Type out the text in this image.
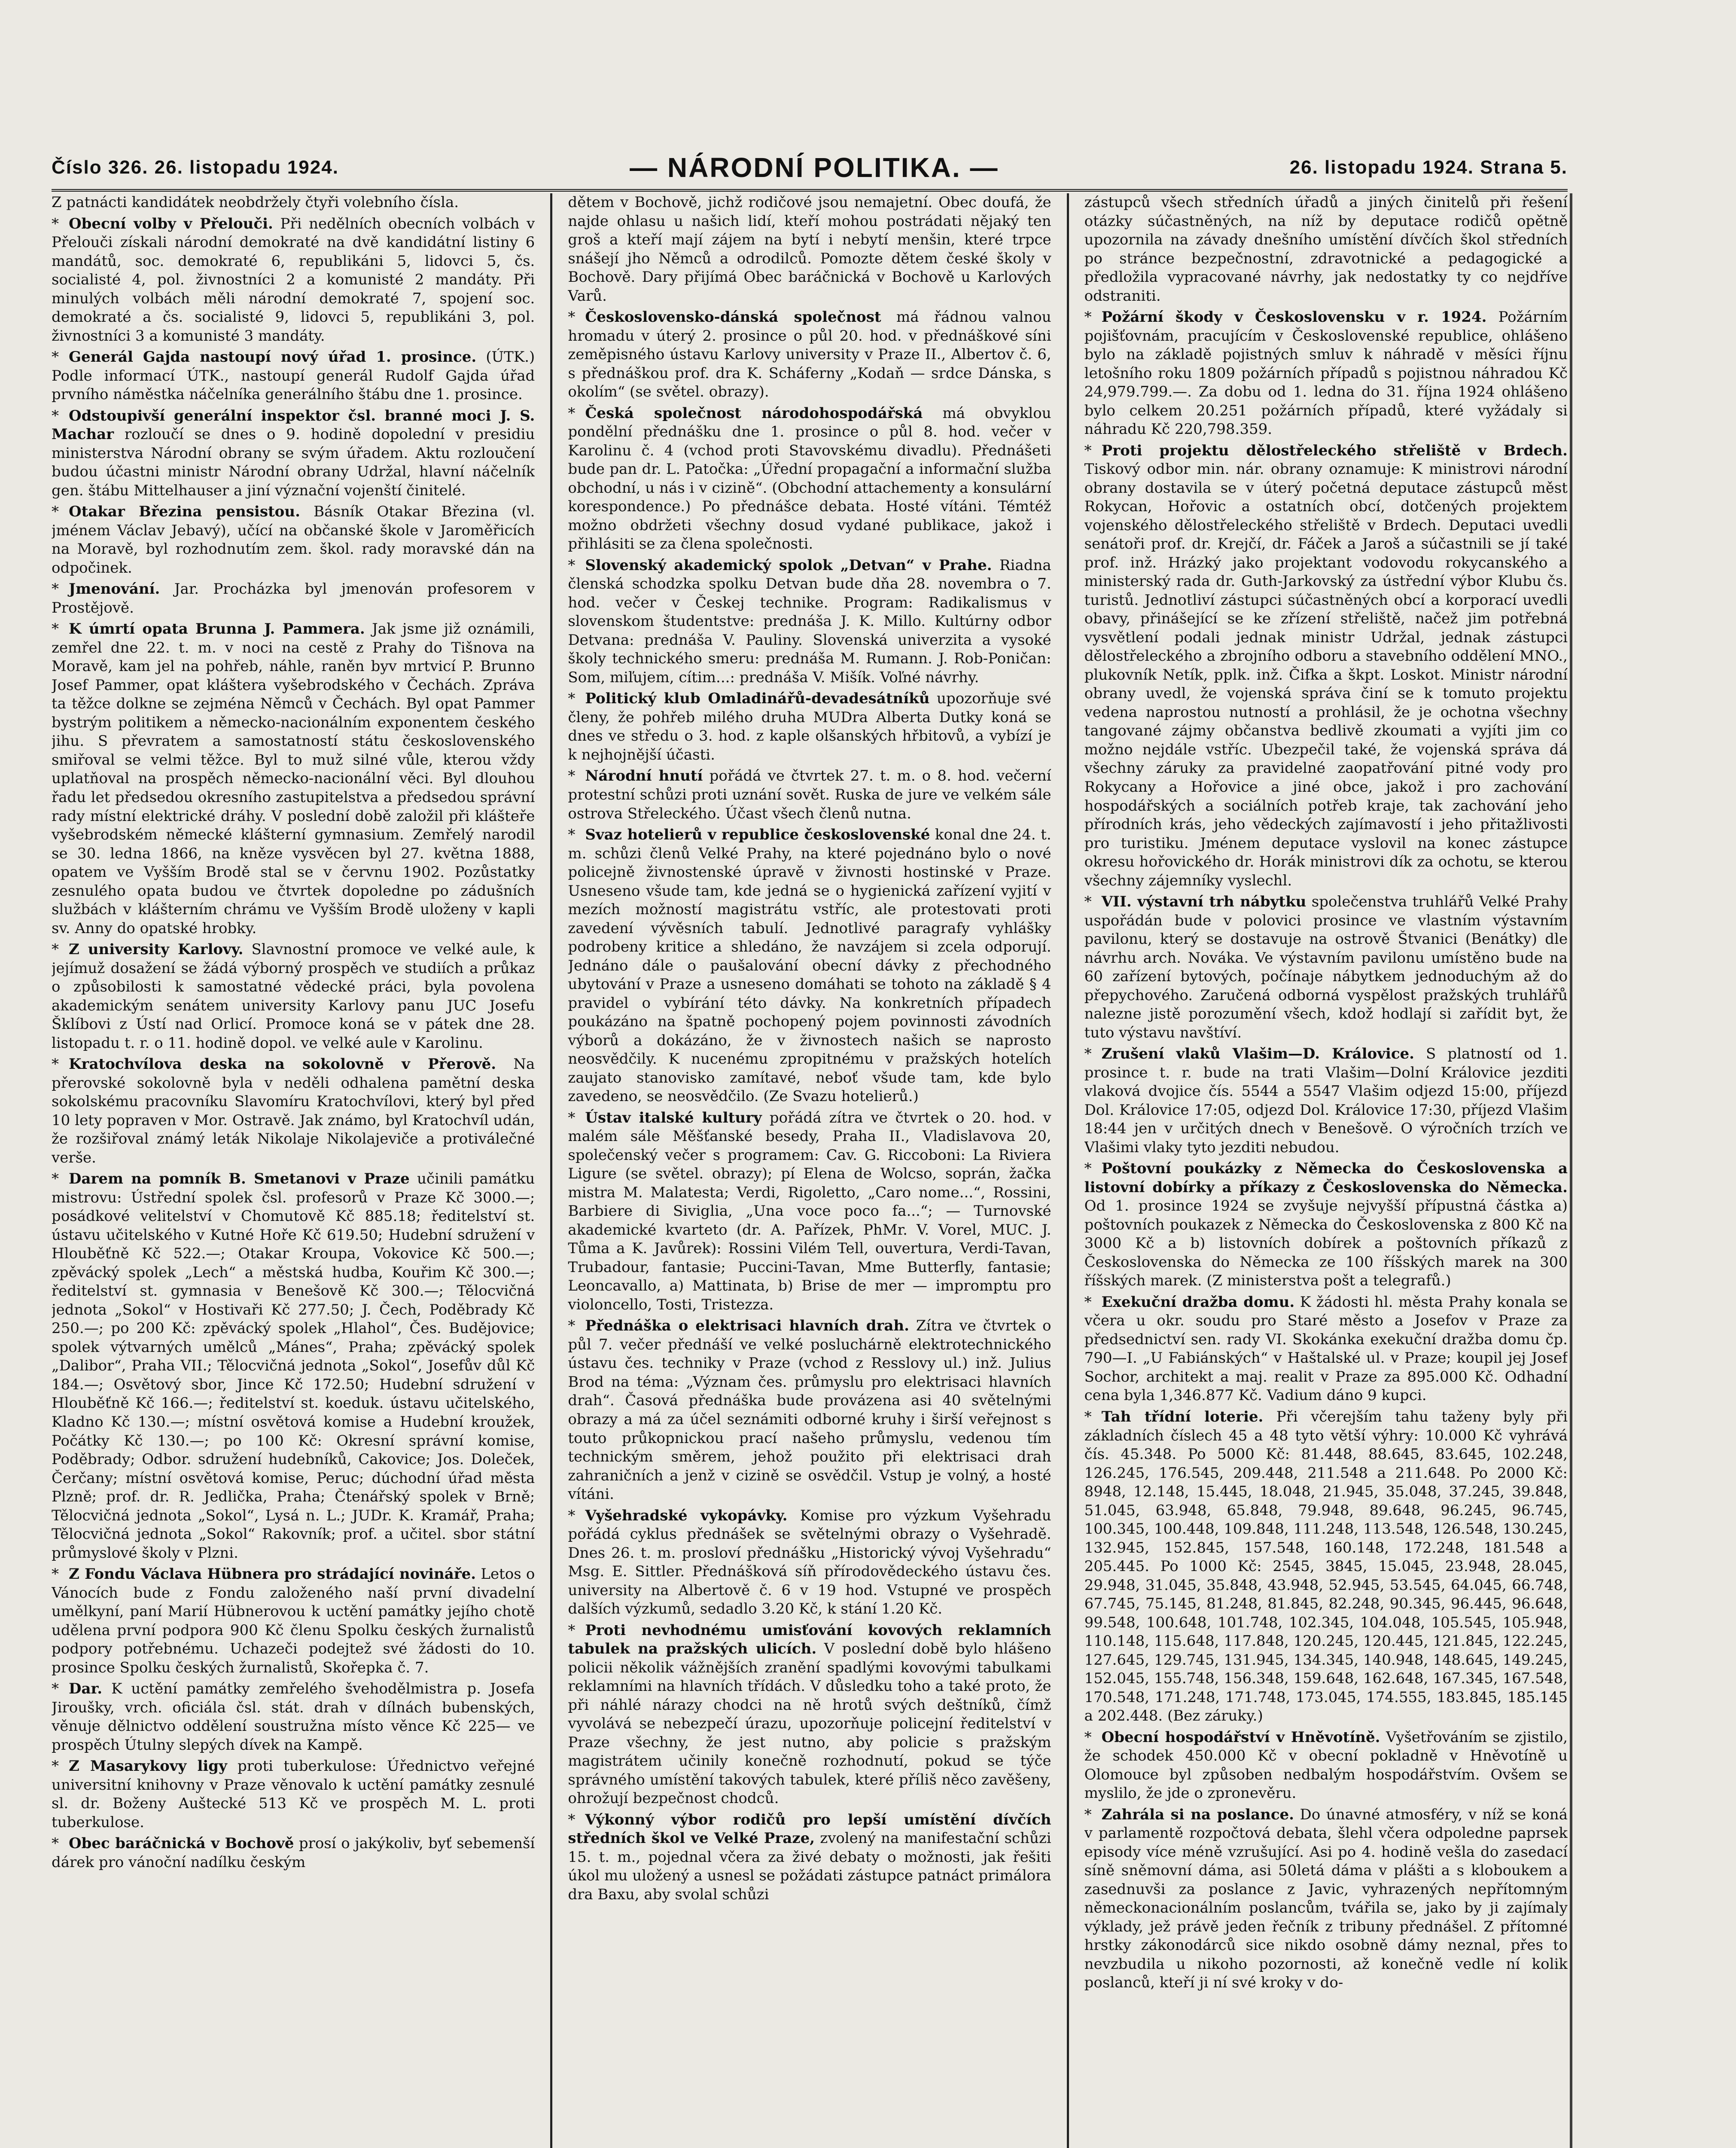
Číslo 326. 26. listopadu 1924.	— NÁRODNÍ POLITIKA. —	26. listopadu 1924. Strana 5.

Z patnácti kandidátek neobdržely čtyři volebního čísla.

*Obecní volby v Přelouči. Při nedělních obecních volbách v Přelouči získali národní demokraté na dvě kandidátní listiny 6 mandátů, soc. demokraté 6, republikáni 5, lidovci 5, čs. socialisté 4, pol. živnostníci 2 a komunisté 2 mandáty. Při minulých volbách měli národní demokraté 7, spojení soc. demokraté a čs. socialisté 9, lidovci 5, republikáni 3, pol. živnostníci 3 a komunisté 3 mandáty.

*Generál Gajda nastoupí nový úřad 1. prosince. (ÚTK.) Podle informací ÚTK., nastoupí generál Rudolf Gajda úřad prvního náměstka náčelníka generálního štábu dne 1. prosince.

*Odstoupivší generální inspektor čsl. branné moci J. S. Machar rozloučí se dnes o 9. hodině dopolední v presidiu ministerstva Národní obrany se svým úřadem. Aktu rozloučení budou účastni ministr Národní obrany Udržal, hlavní náčelník gen. štábu Mittelhauser a jiní význační vojenští činitelé.

*Otakar Březina pensistou. Básník Otakar Březina (vl. jménem Václav Jebavý), učící na občanské škole v Jaroměřicích na Moravě, byl rozhodnutím zem. škol. rady moravské dán na odpočinek.

*Jmenování. Jar. Procházka byl jmenován profesorem v Prostějově.

*K úmrtí opata Brunna J. Pammera. Jak jsme již oznámili, zemřel dne 22. t. m. v noci na cestě z Prahy do Tišnova na Moravě, kam jel na pohřeb, náhle, raněn byv mrtvicí P. Brunno Josef Pammer, opat kláštera vyšebrodského v Čechách. Zpráva ta těžce dolkne se zejména Němců v Čechách. Byl opat Pammer bystrým politikem a německo-nacionálním exponentem českého jihu. S převratem a samostatností státu československého smiřoval se velmi těžce. Byl to muž silné vůle, kterou vždy uplatňoval na prospěch německo-nacionální věci. Byl dlouhou řadu let předsedou okresního zastupitelstva a předsedou správní rady místní elektrické dráhy. V poslední době založil při klášteře vyšebrodském německé klášterní gymnasium. Zemřelý narodil se 30. ledna 1866, na kněze vysvěcen byl 27. května 1888, opatem ve Vyšším Brodě stal se v červnu 1902. Pozůstatky zesnulého opata budou ve čtvrtek dopoledne po zádušních službách v klášterním chrámu ve Vyšším Brodě uloženy v kapli sv. Anny do opatské hrobky.

*Z university Karlovy. Slavnostní promoce ve velké aule, k jejímuž dosažení se žádá výborný prospěch ve studiích a průkaz o způsobilosti k samostatné vědecké práci, byla povolena akademickým senátem university Karlovy panu JUC Josefu Šklíbovi z Ústí nad Orlicí. Promoce koná se v pátek dne 28. listopadu t. r. o 11. hodině dopol. ve velké aule v Karolinu.

*Kratochvílova deska na sokolovně v Přerově. Na přerovské sokolovně byla v neděli odhalena pamětní deska sokolskému pracovníku Slavomíru Kratochvílovi, který byl před 10 lety popraven v Mor. Ostravě. Jak známo, byl Kratochvíl udán, že rozšiřoval známý leták Nikolaje Nikolajeviče a protiválečné verše.

*Darem na pomník B. Smetanovi v Praze učinili památku mistrovu: Ústřední spolek čsl. profesorů v Praze Kč 3000.—; posádkové velitelství v Chomutově Kč 885.18; ředitelství st. ústavu učitelského v Kutné Hoře Kč 619.50; Hudební sdružení v Hlouběťně Kč 522.—; Otakar Kroupa, Vokovice Kč 500.—; zpěvácký spolek „Lech“ a městská hudba, Kouřim Kč 300.—; ředitelství st. gymnasia v Benešově Kč 300.—; Tělocvičná jednota „Sokol“ v Hostivaři Kč 277.50; J. Čech, Poděbrady Kč 250.—; po 200 Kč: zpěvácký spolek „Hlahol“, Čes. Budějovice; spolek výtvarných umělců „Mánes“, Praha; zpěvácký spolek „Dalibor“, Praha VII.; Tělocvičná jednota „Sokol“, Josefův důl Kč 184.—; Osvětový sbor, Jince Kč 172.50; Hudební sdružení v Hlouběťně Kč 166.—; ředitelství st. koeduk. ústavu učitelského, Kladno Kč 130.—; místní osvětová komise a Hudební kroužek, Počátky Kč 130.—; po 100 Kč: Okresní správní komise, Poděbrady; Odbor. sdružení hudebníků, Cakovice; Jos. Doleček, Čerčany; místní osvětová komise, Peruc; dúchodní úřad města Plzně; prof. dr. R. Jedlička, Praha; Čtenářský spolek v Brně; Tělocvičná jednota „Sokol“, Lysá n. L.; JUDr. K. Kramář, Praha; Tělocvičná jednota „Sokol“ Rakovník; prof. a učitel. sbor státní průmyslové školy v Plzni.

*Z Fondu Václava Hübnera pro strádající novináře. Letos o Vánocích bude z Fondu založeného naší první divadelní umělkyní, paní Marií Hübnerovou k uctění památky jejího chotě udělena první podpora 900 Kč členu Spolku českých žurnalistů podpory potřebnému. Uchazeči podejtež své žádosti do 10. prosince Spolku českých žurnalistů, Skořepka č. 7.

*Dar. K uctění památky zemřelého švehodělmistra p. Josefa Jiroušky, vrch. oficiála čsl. stát. drah v dílnách bubenských, věnuje dělnictvo oddělení soustružna místo věnce Kč 225— ve prospěch Útulny slepých dívek na Kampě.

*Z Masarykovy ligy proti tuberkulose: Úřednictvo veřejné universitní knihovny v Praze věnovalo k uctění památky zesnulé sl. dr. Boženy Auštecké 513 Kč ve prospěch M. L. proti tuberkulose.

*Obec baráčnická v Bochově prosí o jakýkoliv, byť sebemenší dárek pro vánoční nadílku českým

dětem v Bochově, jichž rodičové jsou nemajetní. Obec doufá, že najde ohlasu u našich lidí, kteří mohou postrádati nějaký ten groš a kteří mají zájem na bytí i nebytí menšin, které trpce snášejí jho Němců a odrodilců. Pomozte dětem české školy v Bochově. Dary přijímá Obec baráčnická v Bochově u Karlových Varů.

*Československo-dánská společnost má řádnou valnou hromadu v úterý 2. prosince o půl 20. hod. v přednáškové síni zeměpisného ústavu Karlovy university v Praze II., Albertov č. 6, s přednáškou prof. dra K. Scháferny „Kodaň — srdce Dánska, s okolím“ (se světel. obrazy).

*Česká společnost národohospodářská má obvyklou pondělní přednášku dne 1. prosince o půl 8. hod. večer v Karolinu č. 4 (vchod proti Stavovskému divadlu). Přednášeti bude pan dr. L. Patočka: „Úřední propagační a informační služba obchodní, u nás i v cizině“. (Obchodní attachementy a konsulární korespondence.) Po přednášce debata. Hosté vítáni. Témtéž možno obdržeti všechny dosud vydané publikace, jakož i přihlásiti se za člena společnosti.

*Slovenský akademický spolok „Detvan“ v Prahe. Riadna členská schodzka spolku Detvan bude dňa 28. novembra o 7. hod. večer v Českej technike. Program: Radikalismus v slovenskom študentstve: prednáša J. K. Millo. Kultúrny odbor Detvana: prednáša V. Pauliny. Slovenská univerzita a vysoké školy technického smeru: prednáša M. Rumann. J. Rob-Poničan: Som, miľujem, cítim...: prednáša V. Mišík. Voľné návrhy.

*Politický klub Omladinářů-devadesátníků upozorňuje své členy, že pohřeb milého druha MUDra Alberta Dutky koná se dnes ve středu o 3. hod. z kaple olšanských hřbitovů, a vybízí je k nejhojnější účasti.

*Národní hnutí pořádá ve čtvrtek 27. t. m. o 8. hod. večerní protestní schůzi proti uznání sovět. Ruska de jure ve velkém sále ostrova Střeleckého. Účast všech členů nutna.

*Svaz hotelierů v republice československé konal dne 24. t. m. schůzi členů Velké Prahy, na které pojednáno bylo o nové policejně živnostenské úpravě v živnosti hostinské v Praze. Usneseno všude tam, kde jedná se o hygienická zařízení vyjití v mezích možností magistrátu vstříc, ale protestovati proti zavedení vývěsních tabulí. Jednotlivé paragrafy vyhlášky podrobeny kritice a shledáno, že navzájem si zcela odporují. Jednáno dále o paušalování obecní dávky z přechodného ubytování v Praze a usneseno domáhati se tohoto na základě § 4 pravidel o vybírání této dávky. Na konkretních případech poukázáno na špatně pochopený pojem povinnosti závodních výborů a dokázáno, že v živnostech našich se naprosto neosvědčily. K nucenému zpropitnému v pražských hotelích zaujato stanovisko zamítavé, neboť všude tam, kde bylo zavedeno, se neosvědčilo. (Ze Svazu hotelierů.)

*Ústav italské kultury pořádá zítra ve čtvrtek o 20. hod. v malém sále Měšťanské besedy, Praha II., Vladislavova 20, společenský večer s programem: Cav. G. Riccoboni: La Riviera Ligure (se světel. obrazy); pí Elena de Wolcso, soprán, žačka mistra M. Malatesta; Verdi, Rigoletto, „Caro nome...“, Rossini, Barbiere di Siviglia, „Una voce poco fa...“; — Turnovské akademické kvarteto (dr. A. Pařízek, PhMr. V. Vorel, MUC. J. Tůma a K. Javůrek): Rossini Vilém Tell, ouvertura, Verdi-Tavan, Trubadour, fantasie; Puccini-Tavan, Mme Butterfly, fantasie; Leoncavallo, a) Mattinata, b) Brise de mer — impromptu pro violoncello, Tosti, Tristezza.

*Přednáška o elektrisaci hlavních drah. Zítra ve čtvrtek o půl 7. večer přednáší ve velké posluchárně elektrotechnického ústavu čes. techniky v Praze (vchod z Resslovy ul.) inž. Julius Brod na téma: „Význam čes. průmyslu pro elektrisaci hlavních drah“. Časová přednáška bude provázena asi 40 světelnými obrazy a má za účel seznámiti odborné kruhy i širší veřejnost s touto průkopnickou prací našeho průmyslu, vedenou tím technickým směrem, jehož použito při elektrisaci drah zahraničních a jenž v cizině se osvědčil. Vstup je volný, a hosté vítáni.

*Vyšehradské vykopávky. Komise pro výzkum Vyšehradu pořádá cyklus přednášek se světelnými obrazy o Vyšehradě. Dnes 26. t. m. prosloví přednášku „Historický vývoj Vyšehradu“ Msg. E. Sittler. Přednášková síň přírodovědeckého ústavu čes. university na Albertově č. 6 v 19 hod. Vstupné ve prospěch dalších výzkumů, sedadlo 3.20 Kč, k stání 1.20 Kč.

*Proti nevhodnému umisťování kovových reklamních tabulek na pražských ulicích. V poslední době bylo hlášeno policii několik vážnějších zranění spadlými kovovými tabulkami reklamními na hlavních třídách. V důsledku toho a také proto, že při náhlé nárazy chodci na ně hrotů svých deštníků, čímž vyvolává se nebezpečí úrazu, upozorňuje policejní ředitelství v Praze všechny, že jest nutno, aby policie s pražským magistrátem učinily konečně rozhodnutí, pokud se týče správného umístění takových tabulek, které příliš něco zavěšeny, ohrožují bezpečnost chodců.

*Výkonný výbor rodičů pro lepší umístění dívčích středních škol ve Velké Praze, zvolený na manifestační schůzi 15. t. m., pojednal včera za živé debaty o možnosti, jak řešiti úkol mu uložený a usnesl se požádati zástupce patnáct primálora dra Baxu, aby svolal schůzi

zástupců všech středních úřadů a jiných činitelů při řešení otázky súčastněných, na níž by deputace rodičů opětně upozornila na závady dnešního umístění dívčích škol středních po stránce bezpečnostní, zdravotnické a pedagogické a předložila vypracované návrhy, jak nedostatky ty co nejdříve odstraniti.

*Požární škody v Československu v r. 1924. Požárním pojišťovnám, pracujícím v Československé republice, ohlášeno bylo na základě pojistných smluv k náhradě v měsíci říjnu letošního roku 1809 požárních případů s pojistnou náhradou Kč 24,979.799.—. Za dobu od 1. ledna do 31. října 1924 ohlášeno bylo celkem 20.251 požárních případů, které vyžádaly si náhradu Kč 220,798.359.

*Proti projektu dělostřeleckého střeliště v Brdech. Tiskový odbor min. nár. obrany oznamuje: K ministrovi národní obrany dostavila se v úterý početná deputace zástupců měst Rokycan, Hořovic a ostatních obcí, dotčených projektem vojenského dělostřeleckého střeliště v Brdech. Deputaci uvedli senátoři prof. dr. Krejčí, dr. Fáček a Jaroš a súčastnili se jí také prof. inž. Hrázký jako projektant vodovodu rokycanského a ministerský rada dr. Guth-Jarkovský za ústřední výbor Klubu čs. turistů. Jednotliví zástupci súčastněných obcí a korporací uvedli obavy, přinášející se ke zřízení střeliště, načež jim potřebná vysvětlení podali jednak ministr Udržal, jednak zástupci dělostřeleckého a zbrojního odboru a stavebního oddělení MNO., plukovník Netík, pplk. inž. Čifka a škpt. Loskot. Ministr národní obrany uvedl, že vojenská správa činí se k tomuto projektu vedena naprostou nutností a prohlásil, že je ochotna všechny tangované zájmy občanstva bedlivě zkoumati a vyjíti jim co možno nejdále vstříc. Ubezpečil také, že vojenská správa dá všechny záruky za pravidelné zaopatřování pitné vody pro Rokycany a Hořovice a jiné obce, jakož i pro zachování hospodářských a sociálních potřeb kraje, tak zachování jeho přírodních krás, jeho vědeckých zajímavostí i jeho přitažlivosti pro turistiku. Jménem deputace vyslovil na konec zástupce okresu hořovického dr. Horák ministrovi dík za ochotu, se kterou všechny zájemníky vyslechl.

*VII. výstavní trh nábytku společenstva truhlářů Velké Prahy uspořádán bude v polovici prosince ve vlastním výstavním pavilonu, který se dostavuje na ostrově Štvanici (Benátky) dle návrhu arch. Nováka. Ve výstavním pavilonu umístěno bude na 60 zařízení bytových, počínaje nábytkem jednoduchým až do přepychového. Zaručená odborná vyspělost pražských truhlářů nalezne jistě porozumění všech, kdož hodlají si zařídit byt, že tuto výstavu navštíví.

*Zrušení vlaků Vlašim—D. Královice. S platností od 1. prosince t. r. bude na trati Vlašim—Dolní Královice jezditi vlaková dvojice čís. 5544 a 5547 Vlašim odjezd 15:00, příjezd Dol. Královice 17:05, odjezd Dol. Královice 17:30, příjezd Vlašim 18:44 jen v určitých dnech v Benešově. O výročních trzích ve Vlašimi vlaky tyto jezditi nebudou.

*Poštovní poukázky z Německa do Československa a listovní dobírky a příkazy z Československa do Německa. Od 1. prosince 1924 se zvyšuje nejvyšší přípustná částka a) poštovních poukazek z Německa do Československa z 800 Kč na 3000 Kč a b) listovních dobírek a poštovních příkazů z Československa do Německa ze 100 říšských marek na 300 říšských marek. (Z ministerstva pošt a telegrafů.)

*Exekuční dražba domu. K žádosti hl. města Prahy konala se včera u okr. soudu pro Staré město a Josefov v Praze za předsednictví sen. rady VI. Skokánka exekuční dražba domu čp. 790—I. „U Fabiánských“ v Haštalské ul. v Praze; koupil jej Josef Sochor, architekt a maj. realit v Praze za 895.000 Kč. Odhadní cena byla 1,346.877 Kč. Vadium dáno 9 kupci.

*Tah třídní loterie. Při včerejším tahu taženy byly při základních číslech 45 a 48 tyto větší výhry: 10.000 Kč vyhrává čís. 45.348. Po 5000 Kč: 81.448, 88.645, 83.645, 102.248, 126.245, 176.545, 209.448, 211.548 a 211.648. Po 2000 Kč: 8948, 12.148, 15.445, 18.048, 21.945, 35.048, 37.245, 39.848, 51.045, 63.948, 65.848, 79.948, 89.648, 96.245, 96.745, 100.345, 100.448, 109.848, 111.248, 113.548, 126.548, 130.245, 132.945, 152.845, 157.548, 160.148, 172.248, 181.548 a 205.445. Po 1000 Kč: 2545, 3845, 15.045, 23.948, 28.045, 29.948, 31.045, 35.848, 43.948, 52.945, 53.545, 64.045, 66.748, 67.745, 75.145, 81.248, 81.845, 82.248, 90.345, 96.445, 96.648, 99.548, 100.648, 101.748, 102.345, 104.048, 105.545, 105.948, 110.148, 115.648, 117.848, 120.245, 120.445, 121.845, 122.245, 127.645, 129.745, 131.945, 134.345, 140.948, 148.645, 149.245, 152.045, 155.748, 156.348, 159.648, 162.648, 167.345, 167.548, 170.548, 171.248, 171.748, 173.045, 174.555, 183.845, 185.145 a 202.448. (Bez záruky.)

*Obecní hospodářství v Hněvotíně. Vyšetřováním se zjistilo, že schodek 450.000 Kč v obecní pokladně v Hněvotíně u Olomouce byl způsoben nedbalým hospodářstvím. Ovšem se myslilo, že jde o zpronevěru.

*Zahrála si na poslance. Do únavné atmosféry, v níž se koná v parlamentě rozpočtová debata, šlehl včera odpoledne paprsek episody více méně vzrušující. Asi po 4. hodině vešla do zasedací síně sněmovní dáma, asi 50letá dáma v plášti a s kloboukem a zasednuvši za poslance z Javic, vyhrazených nepřítomným německonacionálním poslancům, tvářila se, jako by ji zajímaly výklady, jež právě jeden řečník z tribuny přednášel. Z přítomné hrstky zákonodárců sice nikdo osobně dámy neznal, přes to nevzbudila u nikoho pozornosti, až konečně vedle ní kolik poslanců, kteří ji ní své kroky v do-
